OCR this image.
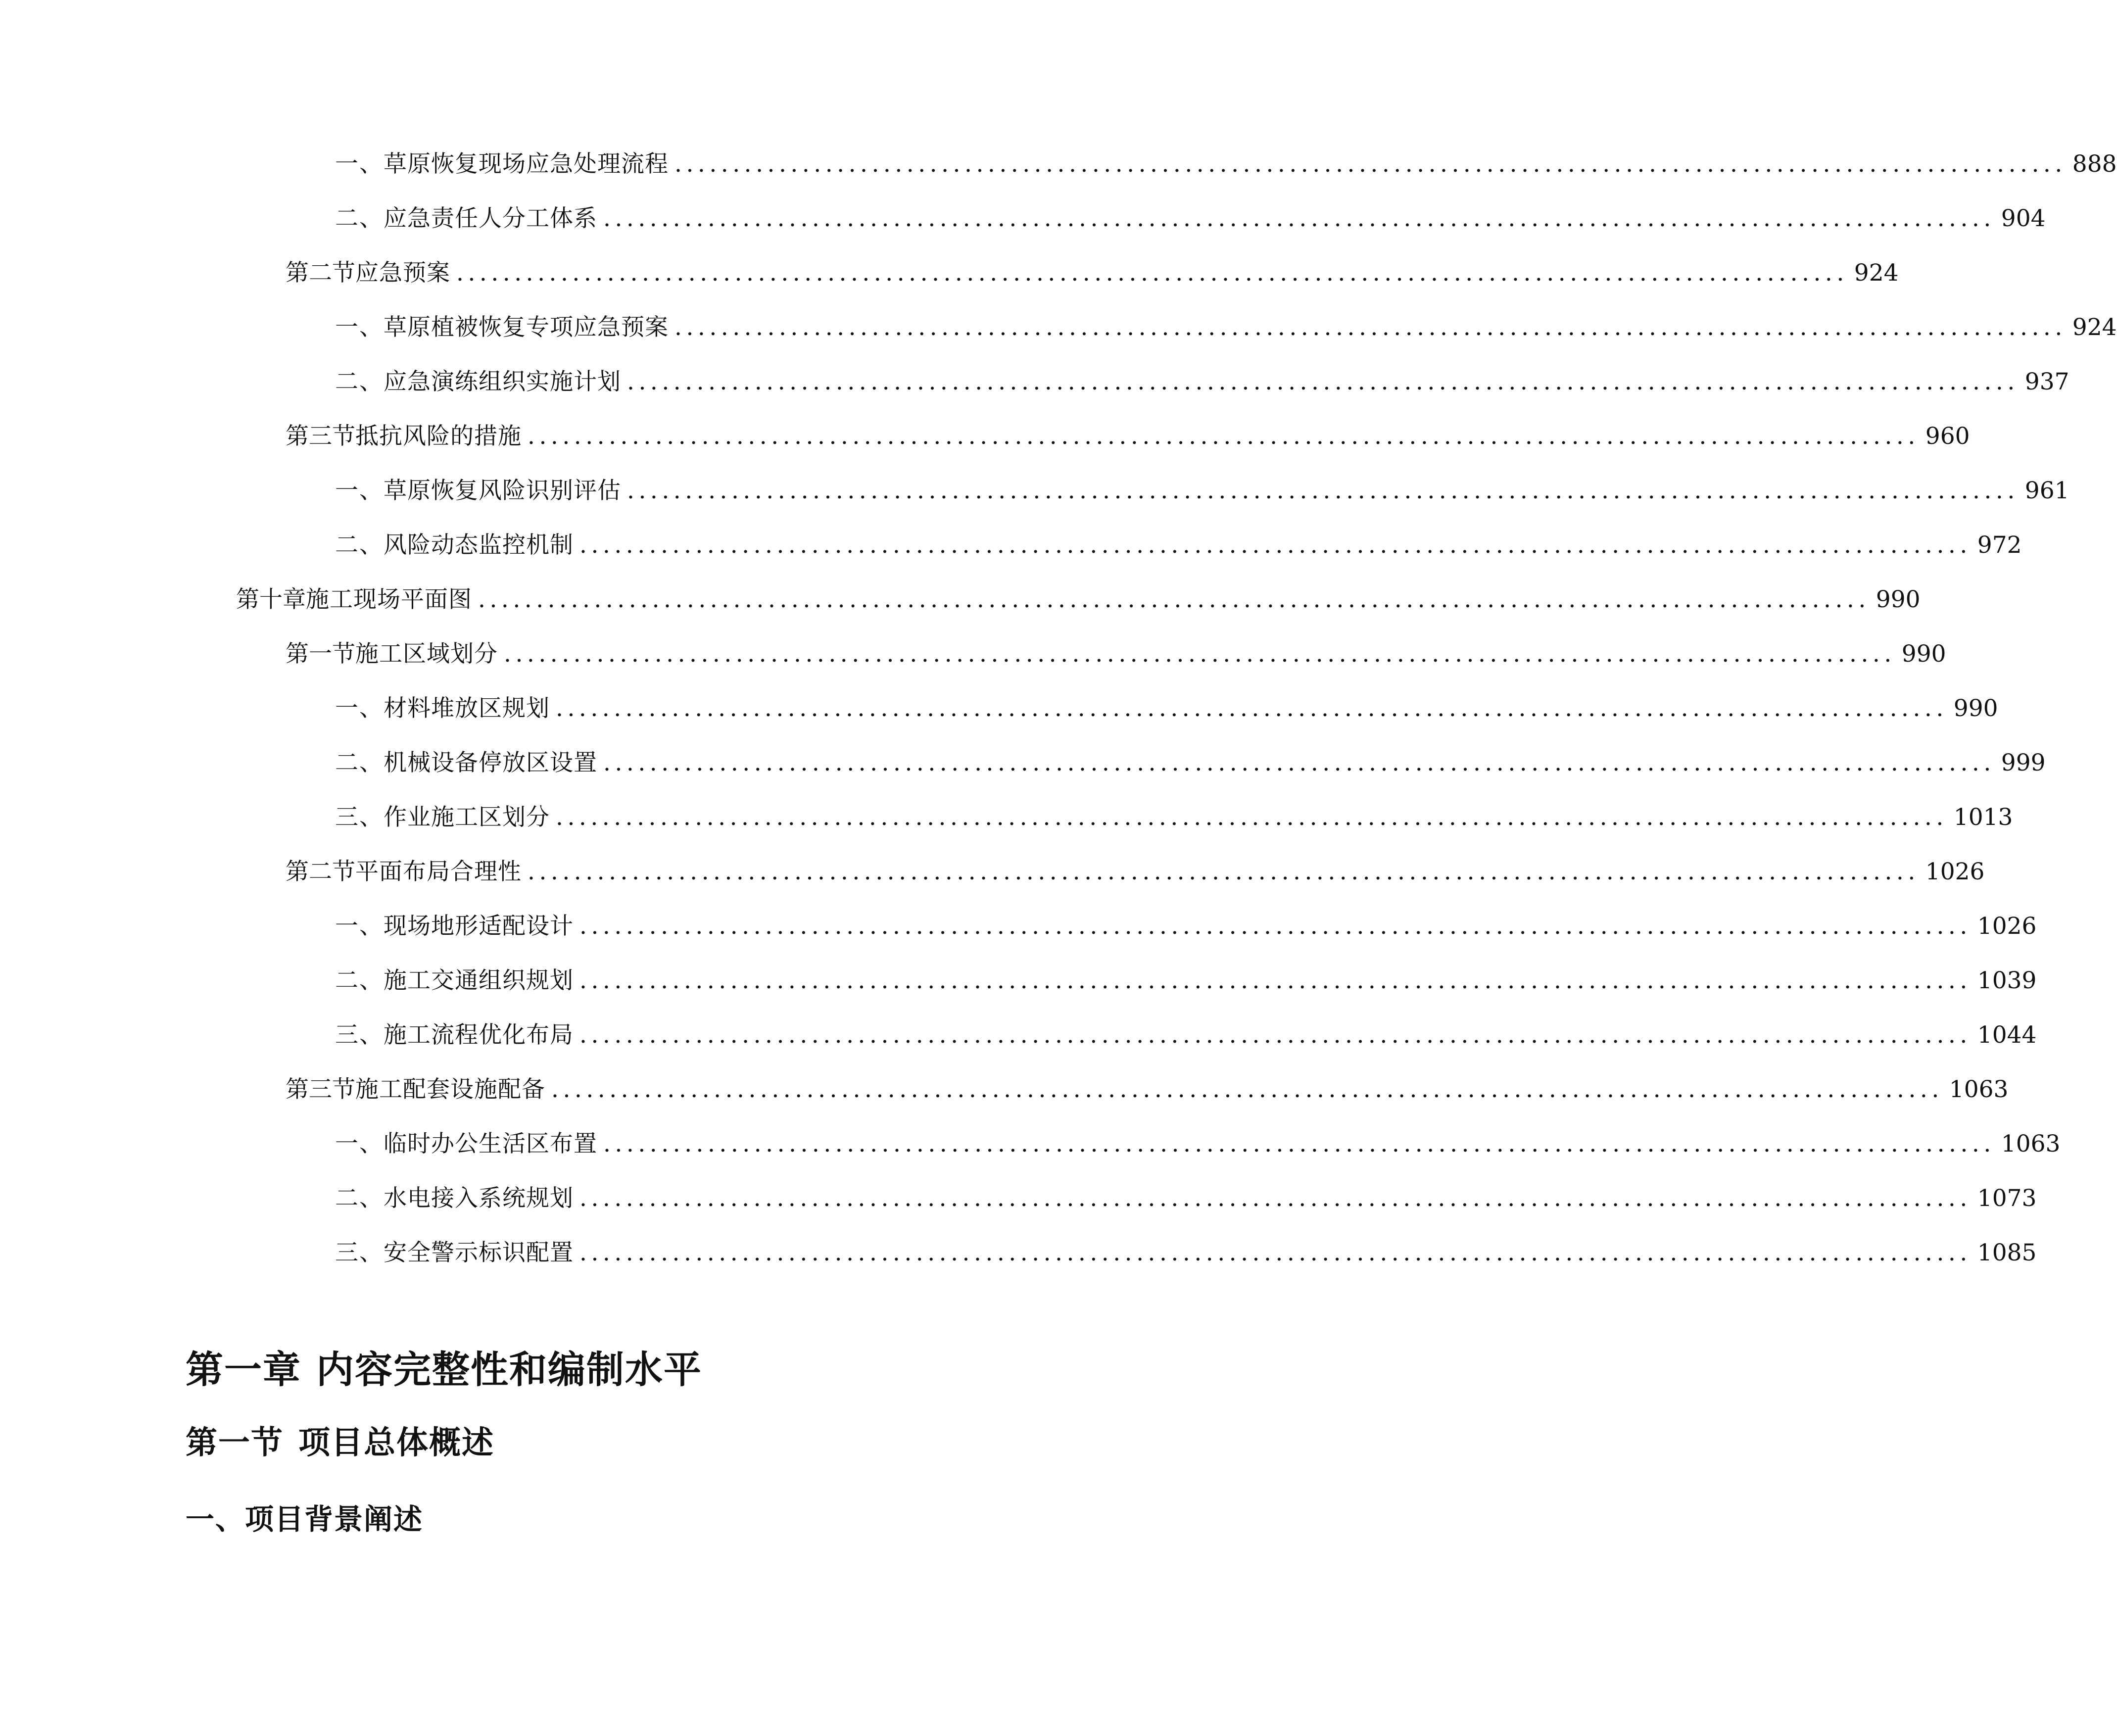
一、 草原恢复现场应急处理流程 ........................................................................................................................ 888
二、 应急责任人分工体系 ........................................................................................................................ 904
第二节 应急预案 ........................................................................................................................ 924
一、 草原植被恢复专项应急预案 ........................................................................................................................ 924
二、 应急演练组织实施计划 ........................................................................................................................ 937
第三节 抵抗风险的措施 ........................................................................................................................ 960
一、 草原恢复风险识别评估 ........................................................................................................................ 961
二、 风险动态监控机制 ........................................................................................................................ 972
第十章 施工现场平面图 ........................................................................................................................ 990
第一节 施工区域划分 ........................................................................................................................ 990
一、 材料堆放区规划 ........................................................................................................................ 990
二、 机械设备停放区设置 ........................................................................................................................ 999
三、 作业施工区划分 ........................................................................................................................ 1013
第二节 平面布局合理性 ........................................................................................................................ 1026
一、 现场地形适配设计 ........................................................................................................................ 1026
二、 施工交通组织规划 ........................................................................................................................ 1039
三、 施工流程优化布局 ........................................................................................................................ 1044
第三节 施工配套设施配备 ........................................................................................................................ 1063
一、 临时办公生活区布置 ........................................................................................................................ 1063
二、 水电接入系统规划 ........................................................................................................................ 1073
三、 安全警示标识配置 ........................................................................................................................ 1085
第一章 内容完整性和编制水平
第一节 项目总体概述
一、项目背景阐述
